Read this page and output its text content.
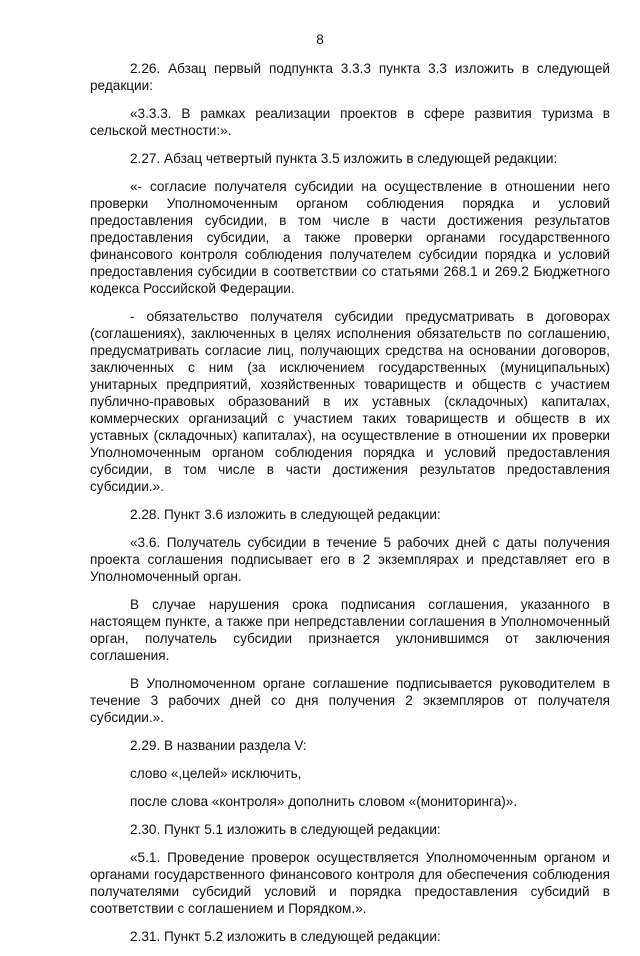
8

2.26. Абзац первый подпункта 3.3.3 пункта 3.3 изложить в следующей редакции:

«3.3.3. В рамках реализации проектов в сфере развития туризма в сельской местности:».

2.27. Абзац четвертый пункта 3.5 изложить в следующей редакции:

«- согласие получателя субсидии на осуществление в отношении него проверки Уполномоченным органом соблюдения порядка и условий предоставления субсидии, в том числе в части достижения результатов предоставления субсидии, а также проверки органами государственного финансового контроля соблюдения получателем субсидии порядка и условий предоставления субсидии в соответствии со статьями 268.1 и 269.2 Бюджетного кодекса Российской Федерации.

- обязательство получателя субсидии предусматривать в договорах (соглашениях), заключенных в целях исполнения обязательств по соглашению, предусматривать согласие лиц, получающих средства на основании договоров, заключенных с ним (за исключением государственных (муниципальных) унитарных предприятий, хозяйственных товариществ и обществ с участием публично-правовых образований в их уставных (складочных) капиталах, коммерческих организаций с участием таких товариществ и обществ в их уставных (складочных) капиталах), на осуществление в отношении их проверки Уполномоченным органом соблюдения порядка и условий предоставления субсидии, в том числе в части достижения результатов предоставления субсидии.».

2.28. Пункт 3.6 изложить в следующей редакции:

«3.6. Получатель субсидии в течение 5 рабочих дней с даты получения проекта соглашения подписывает его в 2 экземплярах и представляет его в Уполномоченный орган.

В случае нарушения срока подписания соглашения, указанного в настоящем пункте, а также при непредставлении соглашения в Уполномоченный орган, получатель субсидии признается уклонившимся от заключения соглашения.

В Уполномоченном органе соглашение подписывается руководителем в течение 3 рабочих дней со дня получения 2 экземпляров от получателя субсидии.».

2.29. В названии раздела V:

слово «,целей» исключить,

после слова «контроля» дополнить словом «(мониторинга)».

2.30. Пункт 5.1 изложить в следующей редакции:

«5.1. Проведение проверок осуществляется Уполномоченным органом и органами государственного финансового контроля для обеспечения соблюдения получателями субсидий условий и порядка предоставления субсидий в соответствии с соглашением и Порядком.».

2.31. Пункт 5.2 изложить в следующей редакции:
